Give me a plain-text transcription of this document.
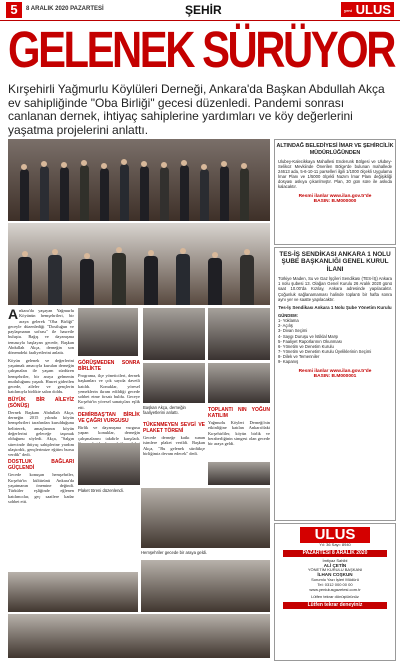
5	8 ARALIK 2020 PAZARTESİ	ŞEHİR	yeni ULUS
GELENEK SÜRÜYOR
Kırşehirli Yağmurlu Köylüleri Derneği, Ankara'da Başkan Abdullah Akça ev sahipliğinde "Oba Birliği" gecesi düzenledi. Pandemi sonrası canlanan dernek, ihtiyaç sahiplerine yardımları ve köy değerlerini yaşatma projelerini anlattı.

Ankara'da yaşayan Yağmurlu Köyünün hemşehrileri, bir araya gelerek "Oba Birliği" geceyle düzenlediği "Dostluğun ve paylaşmanın sofrası" ile hasretle buluştu. Bağış ve dayanışma temasıyla başlayan gecede, Başkan Abdullah Akça, derneğin son dönemdeki faaliyetlerini anlattı.

Köyün gelenek ve değerlerini yaşatmak amacıyla kurulan derneğin çalışmaları ile yaşam sürdüren hemşehriler, bir araya gelmenin mutluluğunu yaşadı. Hasret giderilen gecede, aileler ve gençlerin katılımıyla birlikte salon doldu.

BÜYÜK BİR AİLEYİZ (SÖNÜŞ)

Dernek Başkanı Abdullah Akça, derneğin 2015 yılında köyün hemşehrileri tarafından kurulduğunu belirterek, amaçlarının köyün değerlerini geleceğe taşımak olduğunu söyledi. Akça, "Salgın sürecinde ihtiyaç sahiplerine yardım ulaştırdık, gençlerimize eğitim bursu verdik" dedi.

DOSTLUK BAĞLARI GÜÇLENDİ

Gecede konuşan hemşehriler, Kırşehir'in kültürünü Ankara'da yaşatmanın önemine değindi. Türküler eşliğinde eğlenen katılımcılar, geç saatlere kadar sohbet etti.

GÖRÜŞMEDEN SONRA BİRLİKTE

Programa, ilçe yöneticileri, dernek başkanları ve çok sayıda davetli katıldı. Konuklar, yöresel yemeklerin ikram edildiği gecede sohbet etme fırsatı buldu. Geceye Kırşehir'in yöresel sanatçıları eşlik etti.

DEMİRBAŞ'TAN BİRLİK VE ÇAĞRI VURGUSU

Birlik ve dayanışma vurgusu yapan konuklar, derneğin çalışmalarını takdirle karşıladı.

Başkan Akça, derneğin faaliyetlerini anlattı.	TOPLANTI NIN YOĞUN KATILIM

Yağmurlu Köyleri Derneği'nin etkinliğine katılan Ankara'daki Kırşehirliler, köyün birlik ve beraberliğinin simgesi olan gecede bir araya geldi.

TÜKENMEYEN SEVGİ VE PLAKET TÖRENİ

Gecede derneğe katkı sunan isimlere plaket verildi. Başkan Akça, "Bu gelenek sürdükçe birliğimiz devam edecek" dedi.

Hemşehriler gecede bir araya geldi.
Plaket töreni düzenlendi.
ALTINDAĞ BELEDİYESİ İMAR VE ŞEHİRCİLİK MÜDÜRLÜĞÜNDEN
Ulubey-Kalecikkaya Mahallesi Enderunk Bölgesi ve Ulubey-Selikoz Mevkiinde Önerilen Bölge'de bulunan mahallede 24613 ada, 5-6-10-11 parselleri ilgili 1/1000 ölçekli Uygulama İmar Planı ve 1/5000 ölçekli Nazım İmar Planı değişikliği dosyası askıya çıkarılmıştır. Plan, 30 gün süre ile askıda kalacaktır.
Resmi ilanlar www.ilan.gov.tr'de
BASIN: B.M000000
TES-İŞ SENDİKASI ANKARA 1 NOLU ŞUBE BAŞKANLIĞI GENEL KURUL İLANI
Türkiye Maden, Su ve Gaz İşçileri Sendikası (TES-İŞ) Ankara 1 nolu şubesi 13. Olağan Genel Kurulu 26 Aralık 2020 günü saat 10.00'da Kızılay, Ankara adresinde yapılacaktır. Çoğunluk sağlanamaması halinde toplantı bir hafta sonra aynı yer ve saatte yapılacaktır.
Tes-İş Sendikası Ankara 1 Nolu Şube Yönetim Kurulu
GÜNDEM:
1- Yoklama
2- Açılış
3- Divan Seçimi
4- Saygı Duruşu ve İstiklal Marşı
5- Faaliyet Raporlarının Okunması
6- Yönetim ve Denetim Kurulu
7- Yönetim ve Denetim Kurulu Üyeliklerinin Seçimi
8- Dilek ve Temenniler
9- Kapanış
Resmi ilanlar www.ilan.gov.tr'de
BASIN: B.M000001
ULUS
Yıl: 36 Sayı: 8940
PAZARTESİ 8 ARALIK 2020
İmtiyaz Sahibi
ALİ ÇETİN
YÖNETİM KURULU BAŞKANI
İLHAN COŞKUN
Sorumlu Yazı İşleri Müdürü
Tel: 0312 000 00 00
www.yeniulusgazetesi.com.tr
Lütfen tekrar dönüştürünüz
Lütfen tekrar deneyiniz
